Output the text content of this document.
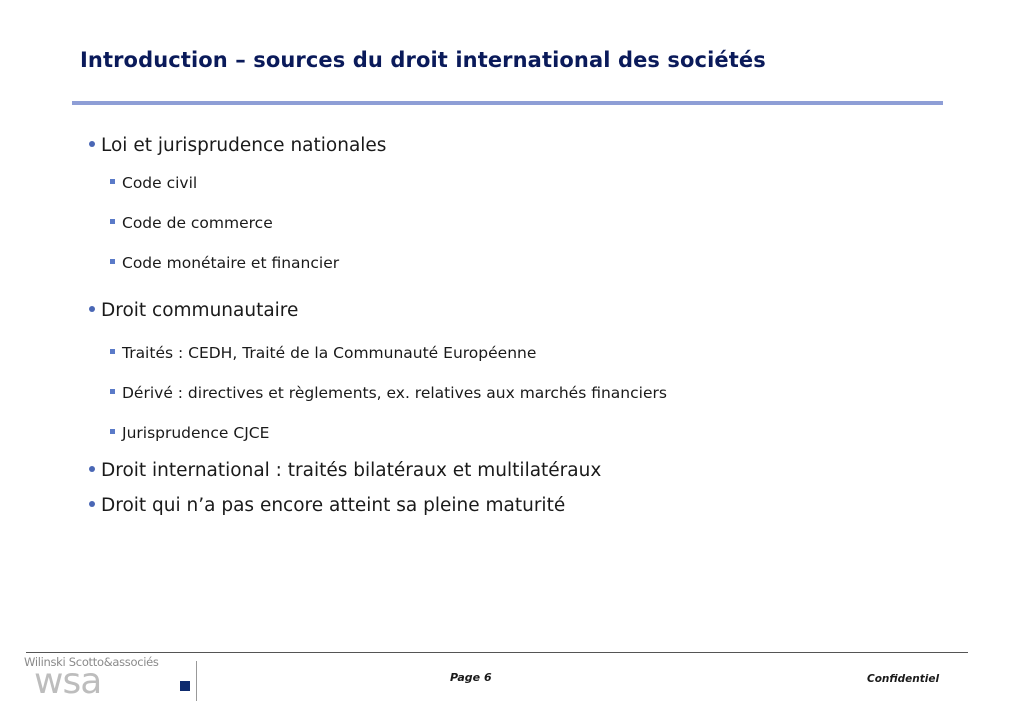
Introduction – sources du droit international des sociétés
Loi et jurisprudence nationales
Code civil
Code de commerce
Code monétaire et financier
Droit communautaire
Traités : CEDH, Traité de la Communauté Européenne
Dérivé : directives et règlements, ex. relatives aux marchés financiers
Jurisprudence CJCE
Droit international : traités bilatéraux et multilatéraux
Droit qui n’a pas encore atteint sa pleine maturité
Wilinski Scotto&associés
wsa	Page 6	Confidentiel
